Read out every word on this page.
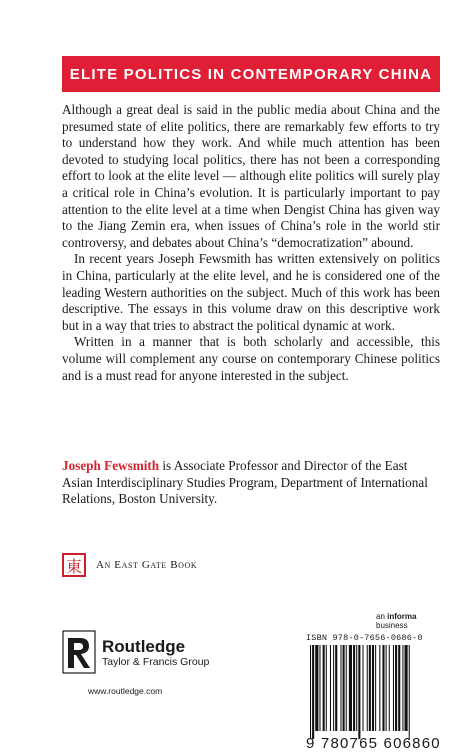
ELITE POLITICS IN CONTEMPORARY CHINA

Although a great deal is said in the public media about China and the presumed state of elite politics, there are remarkably few efforts to try to understand how they work. And while much attention has been devoted to studying local politics, there has not been a corresponding effort to look at the elite level — although elite politics will surely play a critical role in China’s evolution. It is particularly important to pay attention to the elite level at a time when Dengist China has given way to the Jiang Zemin era, when issues of China’s role in the world stir controversy, and debates about China’s “democratization” abound.

In recent years Joseph Fewsmith has written extensively on politics in China, particularly at the elite level, and he is considered one of the leading Western authorities on the subject. Much of this work has been descriptive. The essays in this volume draw on this descriptive work but in a way that tries to abstract the political dynamic at work.

Written in a manner that is both scholarly and accessible, this volume will complement any course on contemporary Chinese politics and is a must read for anyone interested in the subject.

Joseph Fewsmith is Associate Professor and Director of the East Asian Interdisciplinary Studies Program, Department of International Relations, Boston University.
東	An East Gate Book
Routledge
Taylor & Francis Group
www.routledge.com
an informa business
ISBN 978-0-7656-0686-0
9 780765 606860
